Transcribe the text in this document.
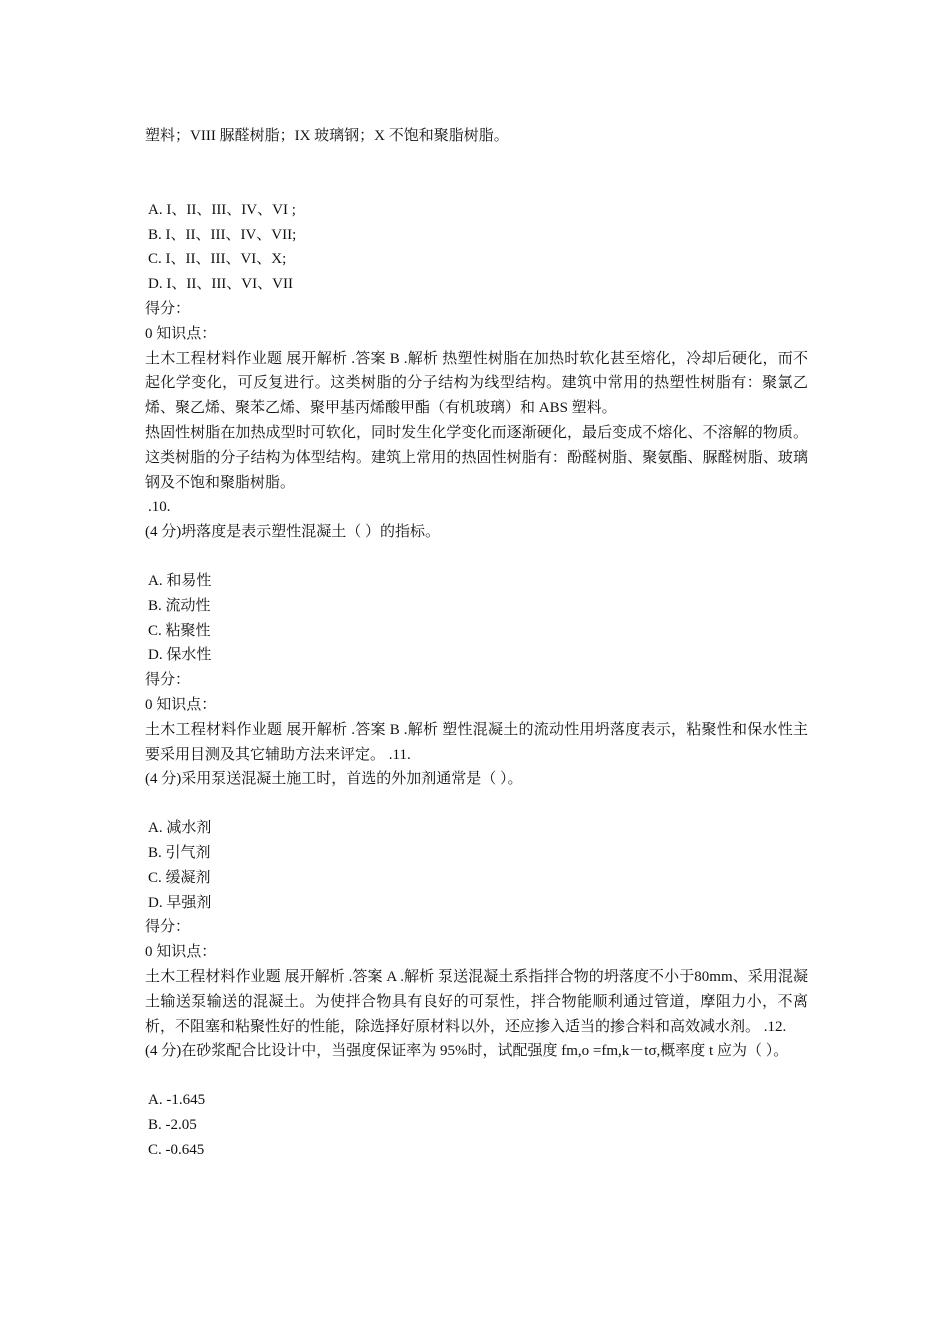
塑料；VIII 脲醛树脂；IX 玻璃钢；X 不饱和聚脂树脂。
A. I、II、III、IV、VI ;
B. I、II、III、IV、VII;
C. I、II、III、VI、X;
D. I、II、III、VI、VII
得分：
0 知识点：
土木工程材料作业题 展开解析 .答案 B .解析 热塑性树脂在加热时软化甚至熔化，冷却后硬化，而不起化学变化，可反复进行。这类树脂的分子结构为线型结构。建筑中常用的热塑性树脂有：聚氯乙烯、聚乙烯、聚苯乙烯、聚甲基丙烯酸甲酯（有机玻璃）和 ABS 塑料。
热固性树脂在加热成型时可软化，同时发生化学变化而逐渐硬化，最后变成不熔化、不溶解的物质。这类树脂的分子结构为体型结构。建筑上常用的热固性树脂有：酚醛树脂、聚氨酯、脲醛树脂、玻璃钢及不饱和聚脂树脂。
.10.
(4 分)坍落度是表示塑性混凝土（ ）的指标。
A. 和易性
B. 流动性
C. 粘聚性
D. 保水性
得分：
0 知识点：
土木工程材料作业题 展开解析 .答案 B .解析 塑性混凝土的流动性用坍落度表示，粘聚性和保水性主要采用目测及其它辅助方法来评定。 .11.
(4 分)采用泵送混凝土施工时，首选的外加剂通常是（ ）。
A. 减水剂
B. 引气剂
C. 缓凝剂
D. 早强剂
得分：
0 知识点：
土木工程材料作业题 展开解析 .答案 A .解析 泵送混凝土系指拌合物的坍落度不小于80mm、采用混凝土输送泵输送的混凝土。为使拌合物具有良好的可泵性，拌合物能顺利通过管道，摩阻力小，不离析，不阻塞和粘聚性好的性能，除选择好原材料以外，还应掺入适当的掺合料和高效减水剂。 .12.
(4 分)在砂浆配合比设计中，当强度保证率为 95%时，试配强度 fm,o =fm,k－tσ,概率度 t 应为（ ）。
A. -1.645
B. -2.05
C. -0.645
